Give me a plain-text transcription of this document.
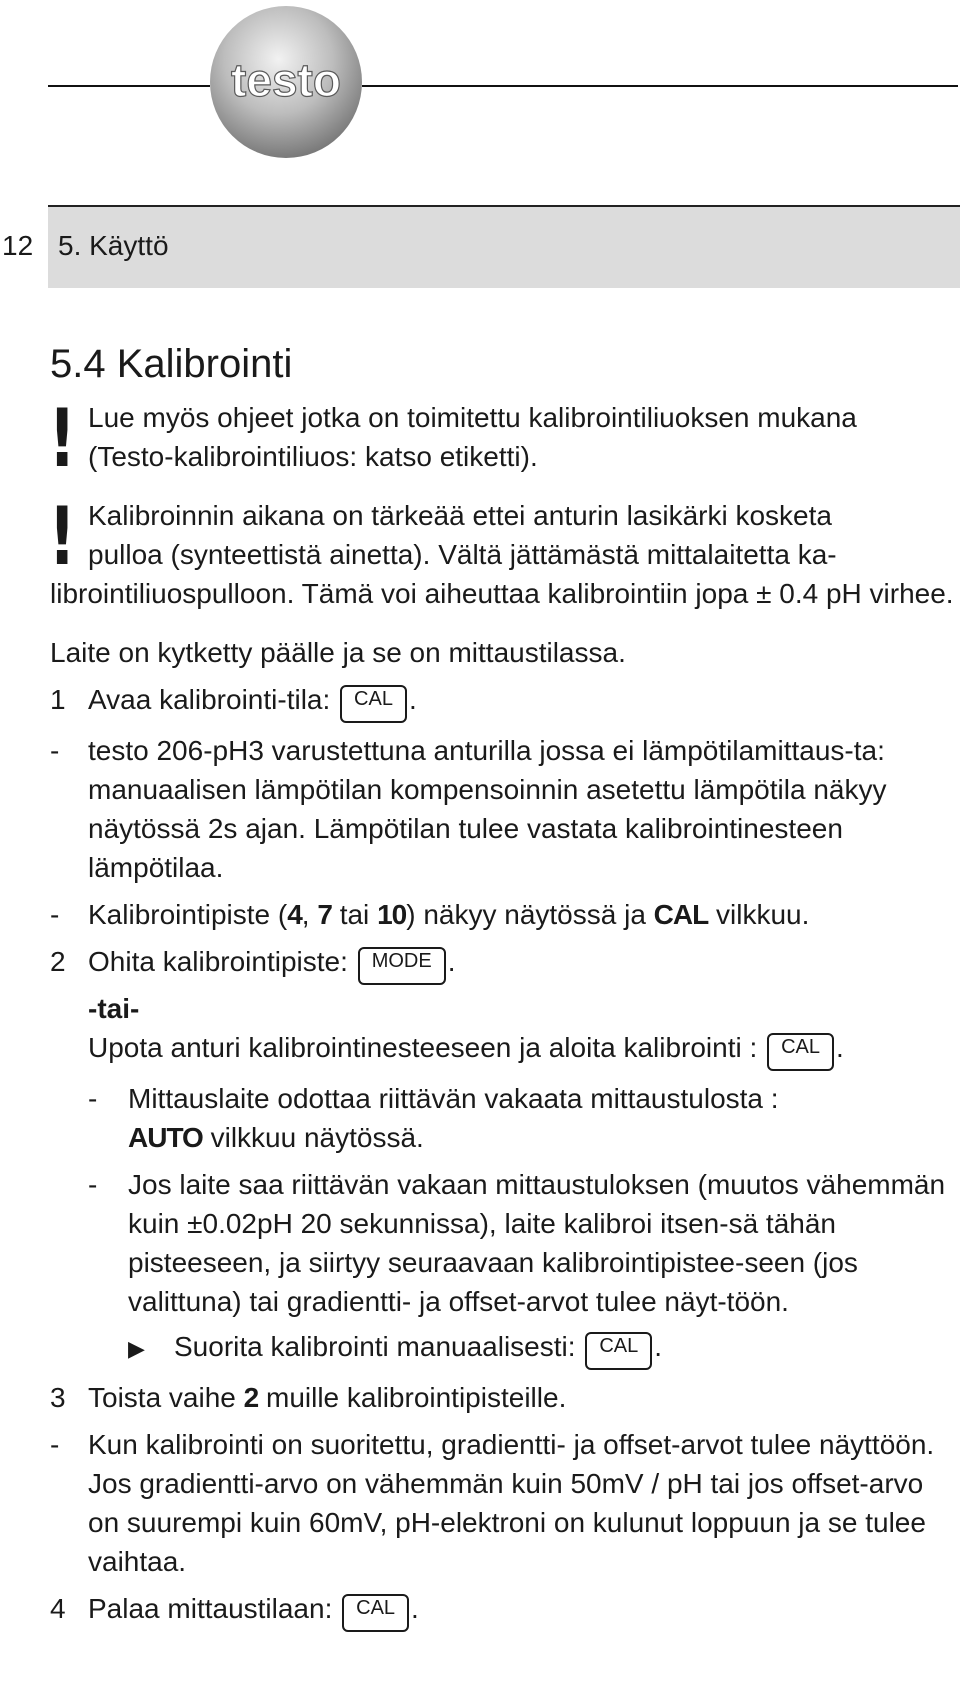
testo
12 5. Käyttö
5.4 Kalibrointi
! Lue myös ohjeet jotka on toimitettu kalibrointiliuoksen mukana
(Testo-kalibrointiliuos: katso etiketti).
! Kalibroinnin aikana on tärkeää ettei anturin lasikärki kosketa
pulloa (synteettistä ainetta). Vältä jättämästä mittalaitetta ka-
librointiliuospulloon. Tämä voi aiheuttaa kalibrointiin jopa ± 0.4 pH virhee.
Laite on kytketty päälle ja se on mittaustilassa.
1 Avaa kalibrointi-tila: CAL .
- testo 206-pH3 varustettuna anturilla jossa ei lämpötilamittaus-ta: manuaalisen lämpötilan kompensoinnin asetettu lämpötila näkyy näytössä 2s ajan. Lämpötilan tulee vastata kalibrointinesteen lämpötilaa.
- Kalibrointipiste (4, 7 tai 10) näkyy näytössä ja CAL vilkkuu.
2 Ohita kalibrointipiste: MODE .
-tai-
Upota anturi kalibrointinesteeseen ja aloita kalibrointi : CAL .
- Mittauslaite odottaa riittävän vakaata mittaustulosta :
AUTO vilkkuu näytössä.
- Jos laite saa riittävän vakaan mittaustuloksen (muutos vähemmän kuin ±0.02pH 20 sekunnissa), laite kalibroi itsen-sä tähän pisteeseen, ja siirtyy seuraavaan kalibrointipistee-seen (jos valittuna) tai gradientti- ja offset-arvot tulee näyt-töön.
▶ Suorita kalibrointi manuaalisesti: CAL .
3 Toista vaihe 2 muille kalibrointipisteille.
- Kun kalibrointi on suoritettu, gradientti- ja offset-arvot tulee näyttöön. Jos gradientti-arvo on vähemmän kuin 50mV / pH tai jos offset-arvo on suurempi kuin 60mV, pH-elektroni on kulunut loppuun ja se tulee vaihtaa.
4 Palaa mittaustilaan: CAL .
